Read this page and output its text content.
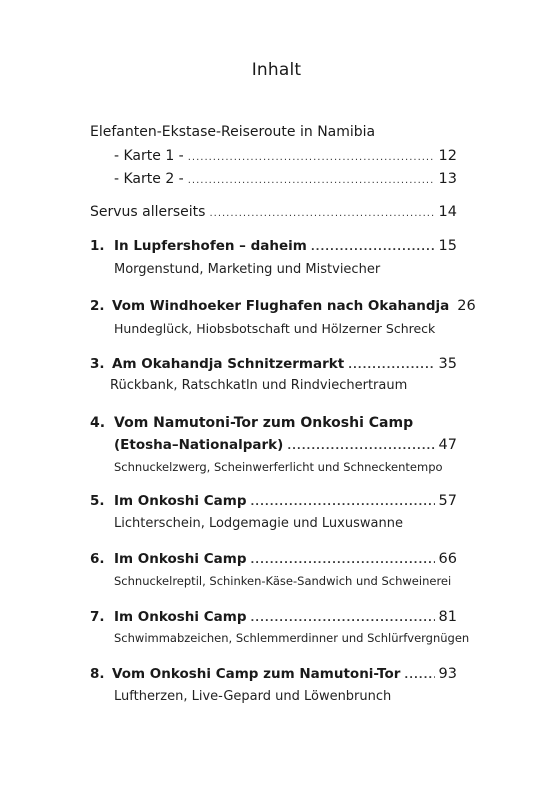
Inhalt
Elefanten-Ekstase-Reiseroute in Namibia
- Karte 1 - .....	12
- Karte 2 - .....	13
Servus allerseits .....	14
1. In Lupfershofen – daheim .....	15
Morgenstund, Marketing und Mistviecher
2. Vom Windhoeker Flughafen nach Okahandja 26
Hundeglück, Hiobsbotschaft und Hölzerner Schreck
3. Am Okahandja Schnitzermarkt .....	35
Rückbank, Ratschkatln und Rindviechertraum
4. Vom Namutoni-Tor zum Onkoshi Camp
(Etosha–Nationalpark) .....	47
Schnuckelzwerg, Scheinwerferlicht und Schneckentempo
5. Im Onkoshi Camp .....	57
Lichterschein, Lodgemagie und Luxuswanne
6. Im Onkoshi Camp .....	66
Schnuckelreptil, Schinken-Käse-Sandwich und Schweinerei
7. Im Onkoshi Camp .....	81
Schwimmabzeichen, Schlemmerdinner und Schlürfvergnügen
8. Vom Onkoshi Camp zum Namutoni-Tor .....	93
Luftherzen, Live-Gepard und Löwenbrunch
